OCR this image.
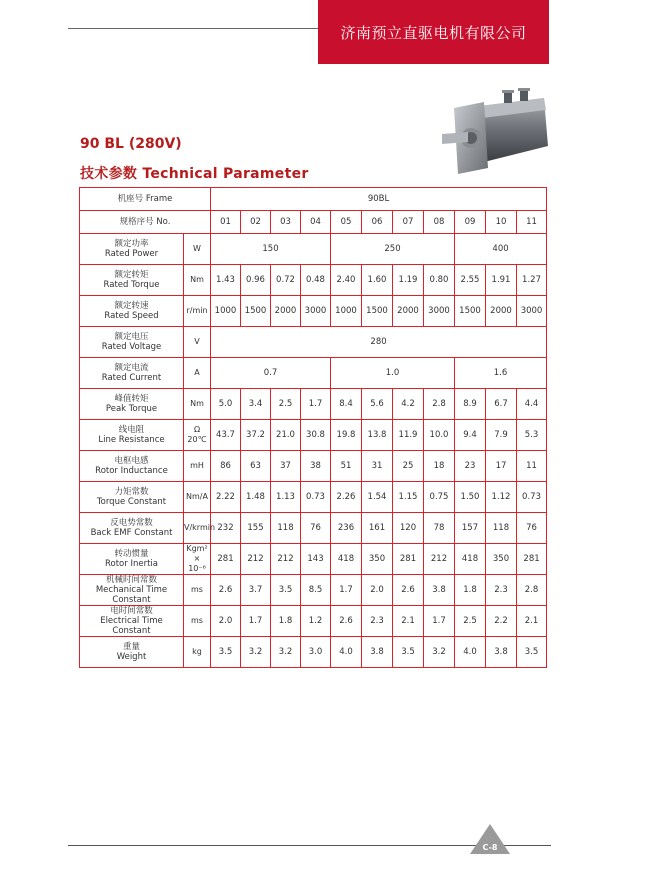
济南预立直驱电机有限公司
90 BL (280V)
技术参数 Technical Parameter
机座号 Frame		90BL										
规格序号 No.		01	02	03	04	05	06	07	08	09	10	11

额定功率
Rated Power	W	150				250				400		

额定转矩
Rated Torque	Nm	1.43	0.96	0.72	0.48	2.40	1.60	1.19	0.80	2.55	1.91	1.27

额定转速
Rated Speed	r/min	1000	1500	2000	3000	1000	1500	2000	3000	1500	2000	3000

额定电压
Rated Voltage	V	280										

额定电流
Rated Current	A	0.7				1.0				1.6		

峰值转矩
Peak Torque	Nm	5.0	3.4	2.5	1.7	8.4	5.6	4.2	2.8	8.9	6.7	4.4

线电阻
Line Resistance	Ω 20℃	43.7	37.2	21.0	30.8	19.8	13.8	11.9	10.0	9.4	7.9	5.3

电枢电感
Rotor Inductance	mH	86	63	37	38	51	31	25	18	23	17	11

力矩常数
Torque Constant	Nm/A	2.22	1.48	1.13	0.73	2.26	1.54	1.15	0.75	1.50	1.12	0.73

反电势常数
Back EMF Constant	V/krmin	232	155	118	76	236	161	120	78	157	118	76

转动惯量
Rotor Inertia	Kgm² × 10⁻⁶	281	212	212	143	418	350	281	212	418	350	281

机械时间常数
Mechanical Time Constant	ms	2.6	3.7	3.5	8.5	1.7	2.0	2.6	3.8	1.8	2.3	2.8

电时间常数
Electrical Time Constant	ms	2.0	1.7	1.8	1.2	2.6	2.3	2.1	1.7	2.5	2.2	2.1

重量
Weight	kg	3.5	3.2	3.2	3.0	4.0	3.8	3.5	3.2	4.0	3.8	3.5
C-8
